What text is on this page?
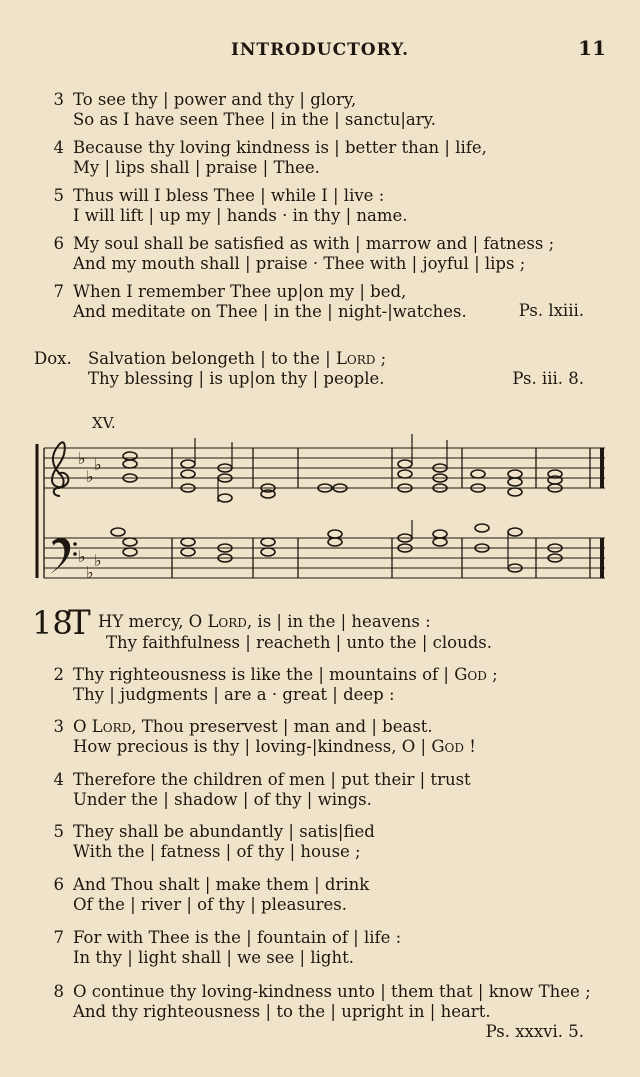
INTRODUCTORY.	11
3 To see thy | power and thy | glory,
So as I have seen Thee | in the | sanctu|ary.
4 Because thy loving kindness is | better than | life,
My | lips shall | praise | Thee.
5 Thus will I bless Thee | while I | live :
I will lift | up my | hands · in thy | name.
6 My soul shall be satisfied as with | marrow and | fatness ;
And my mouth shall | praise · Thee with | joyful | lips ;
7 When I remember Thee up|on my | bed,
And meditate on Thee | in the | night-|watches.	Ps. lxiii.
Dox. Salvation belongeth | to the | Lord ;
Thy blessing | is up|on thy | people.	Ps. iii. 8.
XV.
♭
♭
♭
♭
♭
♭
18
T HY mercy, O Lord, is | in the | heavens :
Thy faithfulness | reacheth | unto the | clouds.
2 Thy righteousness is like the | mountains of | God ;
Thy | judgments | are a · great | deep :
3 O Lord, Thou preservest | man and | beast.
How precious is thy | loving-|kindness, O | God !
4 Therefore the children of men | put their | trust
Under the | shadow | of thy | wings.
5 They shall be abundantly | satis|fied
With the | fatness | of thy | house ;
6 And Thou shalt | make them | drink
Of the | river | of thy | pleasures.
7 For with Thee is the | fountain of | life :
In thy | light shall | we see | light.
8 O continue thy loving-kindness unto | them that | know Thee ;
And thy righteousness | to the | upright in | heart.
Ps. xxxvi. 5.
